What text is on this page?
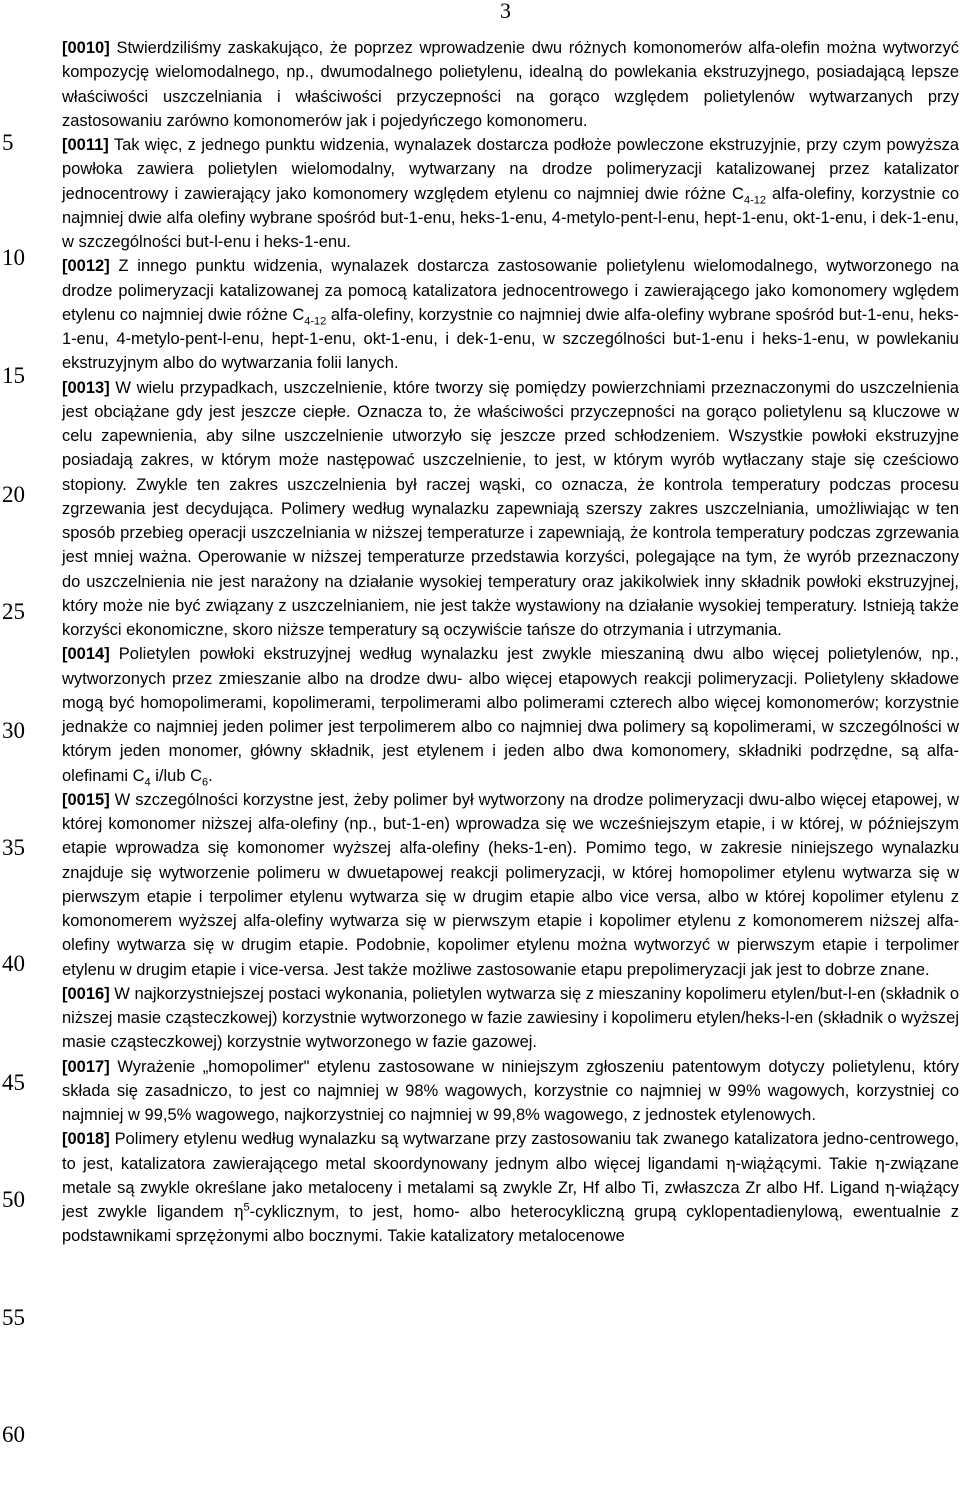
3
5
10
15
20
25
30
35
40
45
50
55
60

[0010] Stwierdziliśmy zaskakująco, że poprzez wprowadzenie dwu różnych komonomerów alfa-olefin można wytworzyć kompozycję wielomodalnego, np., dwumodalnego polietylenu, idealną do powlekania ekstruzyjnego, posiadającą lepsze właściwości uszczelniania i właściwości przyczepności na gorąco względem polietylenów wytwarzanych przy zastosowaniu zarówno komonomerów jak i pojedyńczego komonomeru.

[0011] Tak więc, z jednego punktu widzenia, wynalazek dostarcza podłoże powleczone ekstruzyjnie, przy czym powyższa powłoka zawiera polietylen wielomodalny, wytwarzany na drodze polimeryzacji katalizowanej przez katalizator jednocentrowy i zawierający jako komonomery względem etylenu co najmniej dwie różne $C_{4-12}$ alfa-olefiny, korzystnie co najmniej dwie alfa olefiny wybrane spośród but-1-enu, heks-1-enu, 4-metylo-pent-l-enu, hept-1-enu, okt-1-enu, i dek-1-enu, w szczególności but-l-enu i heks-1-enu.

[0012] Z innego punktu widzenia, wynalazek dostarcza zastosowanie polietylenu wielomodalnego, wytworzonego na drodze polimeryzacji katalizowanej za pomocą katalizatora jednocentrowego i zawierającego jako komonomery wględem etylenu co najmniej dwie różne $C_{4-12}$ alfa-olefiny, korzystnie co najmniej dwie alfa-olefiny wybrane spośród but-1-enu, heks-1-enu, 4-metylo-pent-l-enu, hept-1-enu, okt-1-enu, i dek-1-enu, w szczególności but-1-enu i heks-1-enu, w powlekaniu ekstruzyjnym albo do wytwarzania folii lanych.

[0013] W wielu przypadkach, uszczelnienie, które tworzy się pomiędzy powierzchniami przeznaczonymi do uszczelnienia jest obciążane gdy jest jeszcze ciepłe. Oznacza to, że właściwości przyczepności na gorąco polietylenu są kluczowe w celu zapewnienia, aby silne uszczelnienie utworzyło się jeszcze przed schłodzeniem. Wszystkie powłoki ekstruzyjne posiadają zakres, w którym może następować uszczelnienie, to jest, w którym wyrób wytłaczany staje się cześciowo stopiony. Zwykle ten zakres uszczelnienia był raczej wąski, co oznacza, że kontrola temperatury podczas procesu zgrzewania jest decydująca. Polimery według wynalazku zapewniają szerszy zakres uszczelniania, umożliwiając w ten sposób przebieg operacji uszczelniania w niższej temperaturze i zapewniają, że kontrola temperatury podczas zgrzewania jest mniej ważna. Operowanie w niższej temperaturze przedstawia korzyści, polegające na tym, że wyrób przeznaczony do uszczelnienia nie jest narażony na działanie wysokiej temperatury oraz jakikolwiek inny składnik powłoki ekstruzyjnej, który może nie być związany z uszczelnianiem, nie jest także wystawiony na działanie wysokiej temperatury. Istnieją także korzyści ekonomiczne, skoro niższe temperatury są oczywiście tańsze do otrzymania i utrzymania.

[0014] Polietylen powłoki ekstruzyjnej według wynalazku jest zwykle mieszaniną dwu albo więcej polietylenów, np., wytworzonych przez zmieszanie albo na drodze dwu- albo więcej etapowych reakcji polimeryzacji. Polietyleny składowe mogą być homopolimerami, kopolimerami, terpolimerami albo polimerami czterech albo więcej komonomerów; korzystnie jednakże co najmniej jeden polimer jest terpolimerem albo co najmniej dwa polimery są kopolimerami, w szczególności w którym jeden monomer, główny składnik, jest etylenem i jeden albo dwa komonomery, składniki podrzędne, są alfa-olefinami $C_4$ i/lub $C_6$.

[0015] W szczególności korzystne jest, żeby polimer był wytworzony na drodze polimeryzacji dwu-albo więcej etapowej, w której komonomer niższej alfa-olefiny (np., but-1-en) wprowadza się we wcześniejszym etapie, i w której, w późniejszym etapie wprowadza się komonomer wyższej alfa-olefiny (heks-1-en). Pomimo tego, w zakresie niniejszego wynalazku znajduje się wytworzenie polimeru w dwuetapowej reakcji polimeryzacji, w której homopolimer etylenu wytwarza się w pierwszym etapie i terpolimer etylenu wytwarza się w drugim etapie albo vice versa, albo w której kopolimer etylenu z komonomerem wyższej alfa-olefiny wytwarza się w pierwszym etapie i kopolimer etylenu z komonomerem niższej alfa-olefiny wytwarza się w drugim etapie. Podobnie, kopolimer etylenu można wytworzyć w pierwszym etapie i terpolimer etylenu w drugim etapie i vice-versa. Jest także możliwe zastosowanie etapu prepolimeryzacji jak jest to dobrze znane.

[0016] W najkorzystniejszej postaci wykonania, polietylen wytwarza się z mieszaniny kopolimeru etylen/but-l-en (składnik o niższej masie cząsteczkowej) korzystnie wytworzonego w fazie zawiesiny i kopolimeru etylen/heks-l-en (składnik o wyższej masie cząsteczkowej) korzystnie wytworzonego w fazie gazowej.

[0017] Wyrażenie „homopolimer" etylenu zastosowane w niniejszym zgłoszeniu patentowym dotyczy polietylenu, który składa się zasadniczo, to jest co najmniej w 98% wagowych, korzystnie co najmniej w 99% wagowych, korzystniej co najmniej w 99,5% wagowego, najkorzystniej co najmniej w 99,8% wagowego, z jednostek etylenowych.

[0018] Polimery etylenu według wynalazku są wytwarzane przy zastosowaniu tak zwanego katalizatora jedno-centrowego, to jest, katalizatora zawierającego metal skoordynowany jednym albo więcej ligandami η-wiążącymi. Takie η-związane metale są zwykle określane jako metaloceny i metalami są zwykle Zr, Hf albo Ti, zwłaszcza Zr albo Hf. Ligand η-wiążący jest zwykle ligandem $\eta^5$-cyklicznym, to jest, homo- albo heterocykliczną grupą cyklopentadienylową, ewentualnie z podstawnikami sprzężonymi albo bocznymi. Takie katalizatory metalocenowe
